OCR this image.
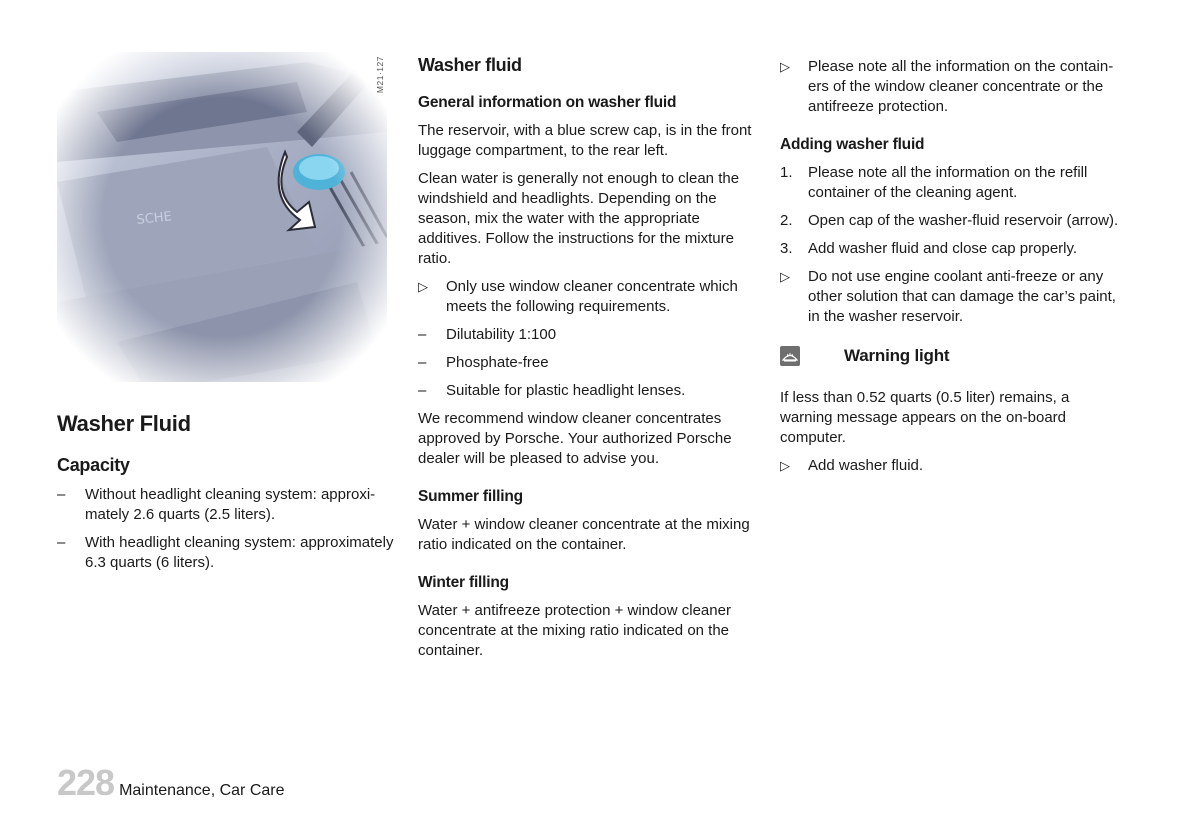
M21·127
Washer Fluid
Capacity
–	Without headlight cleaning system: approxi-mately 2.6 quarts (2.5 liters).
–	With headlight cleaning system: approximately 6.3 quarts (6 liters).
Washer fluid
General information on washer fluid

The reservoir, with a blue screw cap, is in the front luggage compartment, to the rear left.

Clean water is generally not enough to clean the windshield and headlights. Depending on the season, mix the water with the appropriate additives. Follow the instructions for the mixture ratio.

▷	Only use window cleaner concentrate which meets the following requirements.
–	Dilutability 1:100
–	Phosphate-free
–	Suitable for plastic headlight lenses.

We recommend window cleaner concentrates approved by Porsche. Your authorized Porsche dealer will be pleased to advise you.

Summer filling

Water + window cleaner concentrate at the mixing ratio indicated on the container.

Winter filling

Water + antifreeze protection + window cleaner concentrate at the mixing ratio indicated on the container.

▷	Please note all the information on the contain-ers of the window cleaner concentrate or the antifreeze protection.
Adding washer fluid
1.	Please note all the information on the refill container of the cleaning agent.
2.	Open cap of the washer-fluid reservoir (arrow).
3.	Add washer fluid and close cap properly.
▷	Do not use engine coolant anti-freeze or any other solution that can damage the car’s paint, in the washer reservoir.
Warning light

If less than 0.52 quarts (0.5 liter) remains, a warning message appears on the on-board computer.

▷	Add washer fluid.
228 Maintenance, Car Care
